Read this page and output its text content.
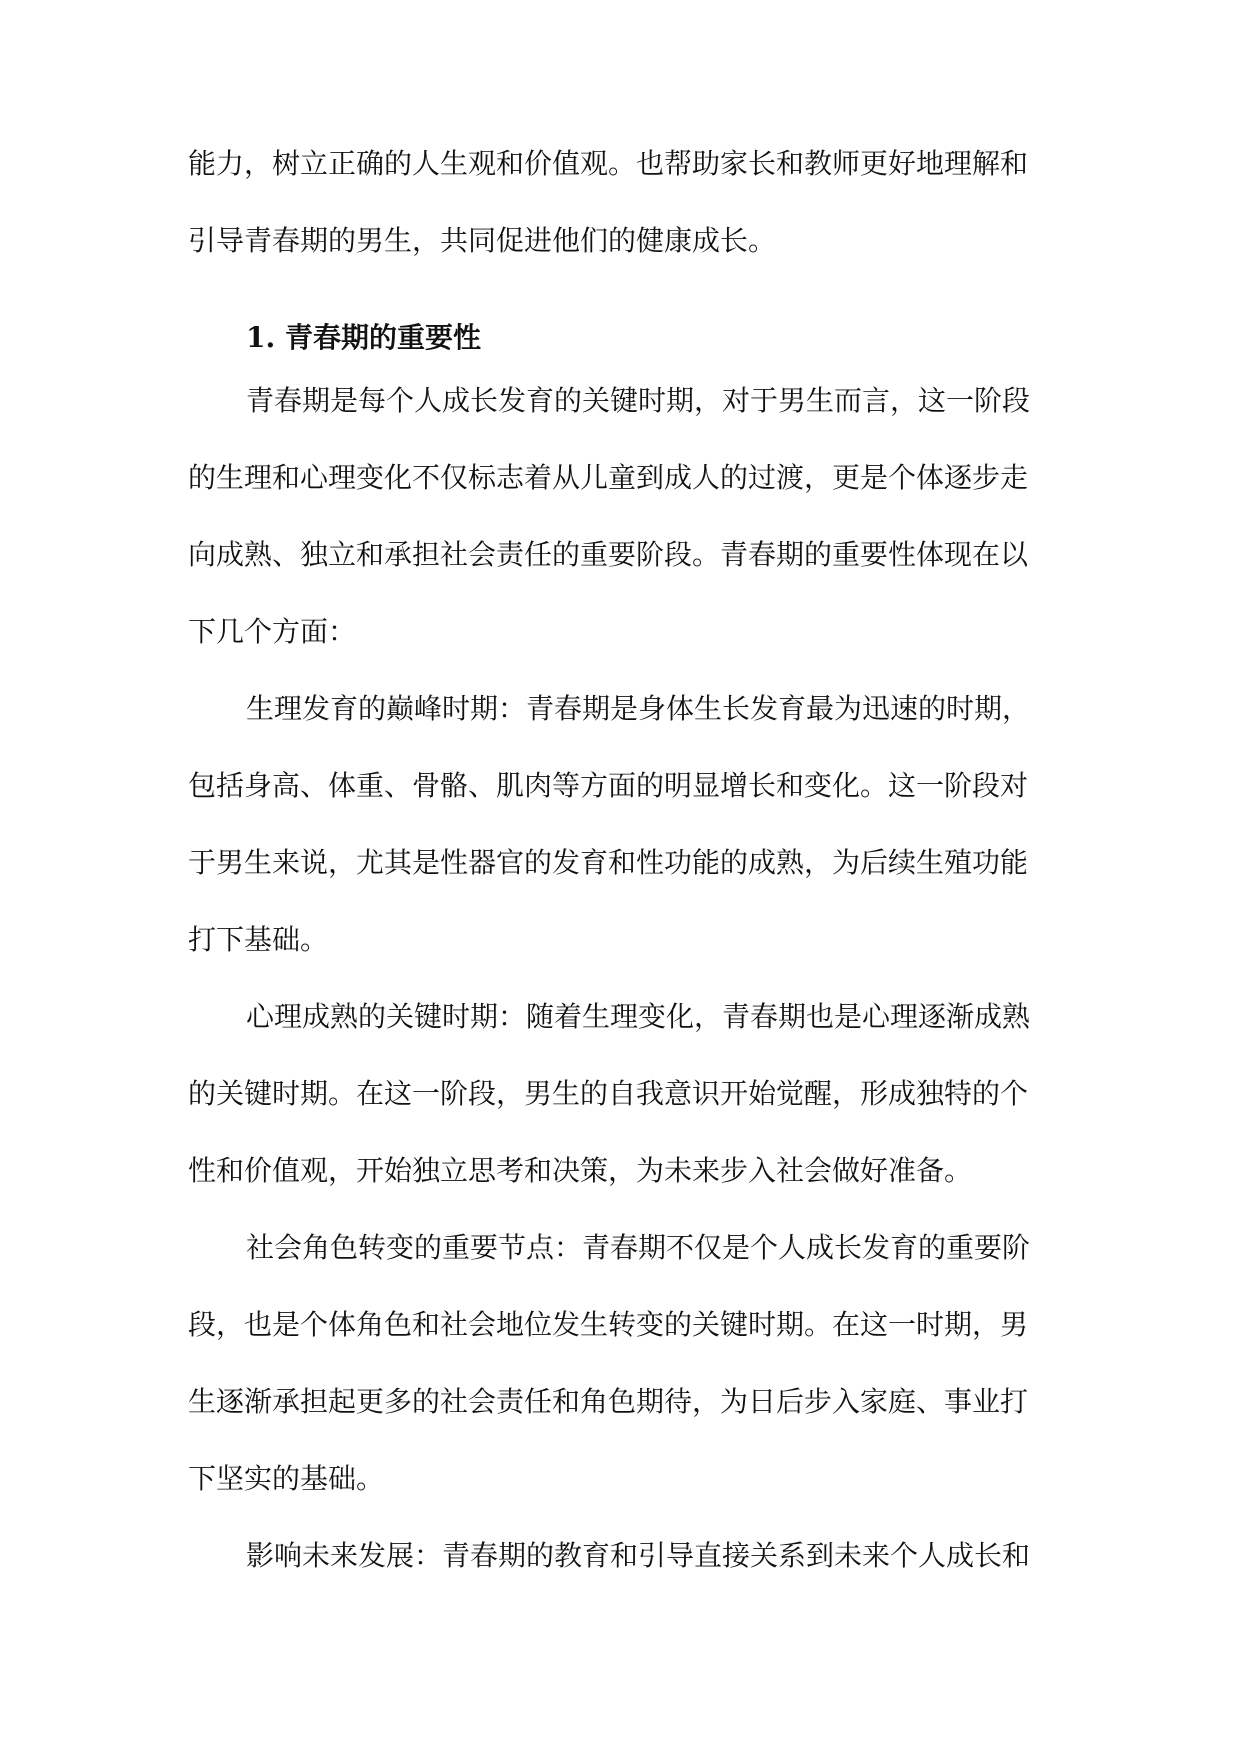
能力，树立正确的人生观和价值观。也帮助家长和教师更好地理解和
引导青春期的男生，共同促进他们的健康成长。
1. 青春期的重要性
青春期是每个人成长发育的关键时期，对于男生而言，这一阶段
的生理和心理变化不仅标志着从儿童到成人的过渡，更是个体逐步走
向成熟、独立和承担社会责任的重要阶段。青春期的重要性体现在以
下几个方面：
生理发育的巅峰时期：青春期是身体生长发育最为迅速的时期，
包括身高、体重、骨骼、肌肉等方面的明显增长和变化。这一阶段对
于男生来说，尤其是性器官的发育和性功能的成熟，为后续生殖功能
打下基础。
心理成熟的关键时期：随着生理变化，青春期也是心理逐渐成熟
的关键时期。在这一阶段，男生的自我意识开始觉醒，形成独特的个
性和价值观，开始独立思考和决策，为未来步入社会做好准备。
社会角色转变的重要节点：青春期不仅是个人成长发育的重要阶
段，也是个体角色和社会地位发生转变的关键时期。在这一时期，男
生逐渐承担起更多的社会责任和角色期待，为日后步入家庭、事业打
下坚实的基础。
影响未来发展：青春期的教育和引导直接关系到未来个人成长和
